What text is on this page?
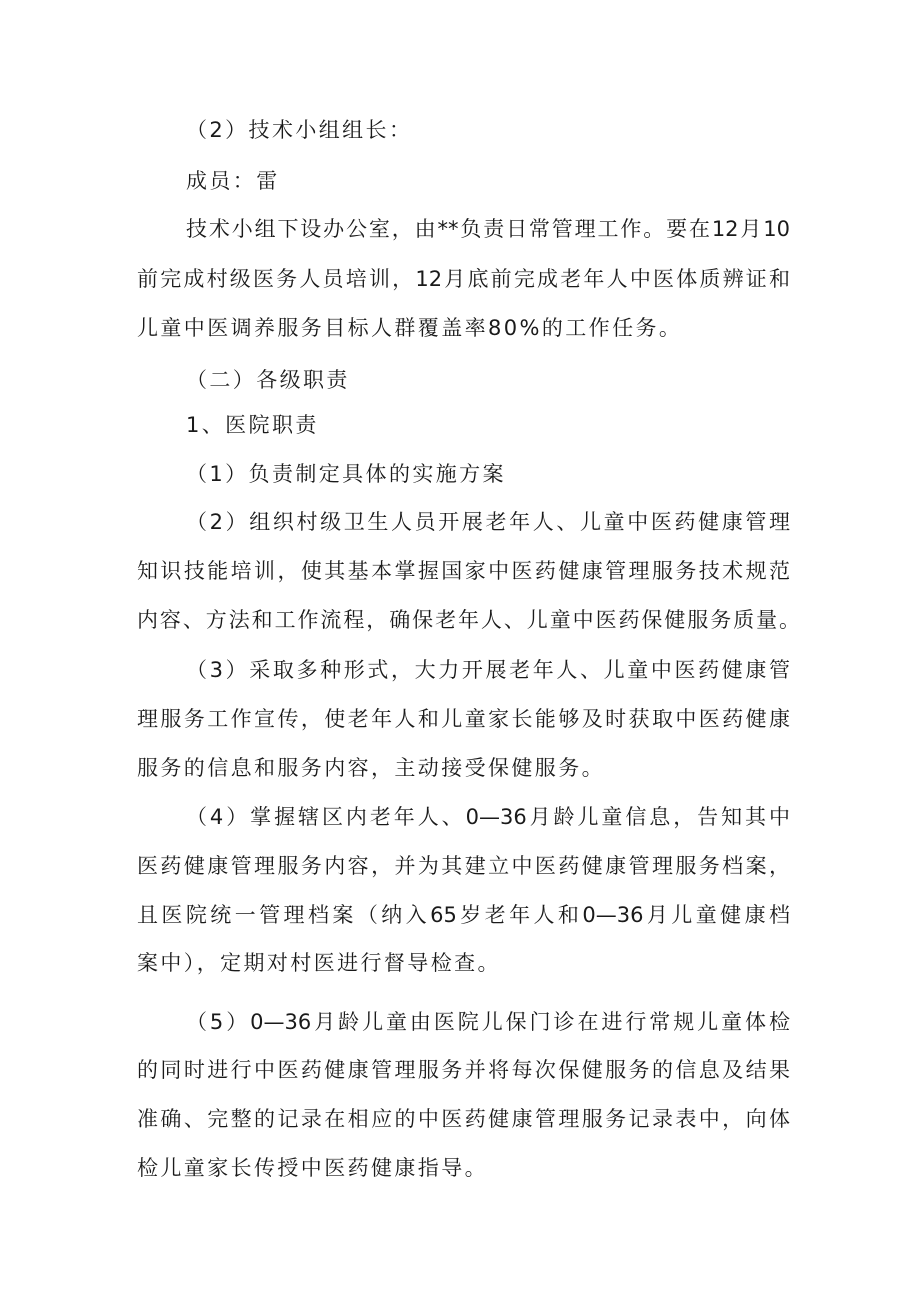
（2）技术小组组长：
成员：雷
技术小组下设办公室，由**负责日常管理工作。要在12月10
前完成村级医务人员培训，12月底前完成老年人中医体质辨证和
儿童中医调养服务目标人群覆盖率80%的工作任务。
（二）各级职责
1、医院职责
（1）负责制定具体的实施方案
（2）组织村级卫生人员开展老年人、儿童中医药健康管理
知识技能培训，使其基本掌握国家中医药健康管理服务技术规范
内容、方法和工作流程，确保老年人、儿童中医药保健服务质量。
（3）采取多种形式，大力开展老年人、儿童中医药健康管
理服务工作宣传，使老年人和儿童家长能够及时获取中医药健康
服务的信息和服务内容，主动接受保健服务。
（4）掌握辖区内老年人、0—36月龄儿童信息，告知其中
医药健康管理服务内容，并为其建立中医药健康管理服务档案，
且医院统一管理档案（纳入65岁老年人和0—36月儿童健康档
案中），定期对村医进行督导检查。
（5）0—36月龄儿童由医院儿保门诊在进行常规儿童体检
的同时进行中医药健康管理服务并将每次保健服务的信息及结果
准确、完整的记录在相应的中医药健康管理服务记录表中，向体
检儿童家长传授中医药健康指导。
